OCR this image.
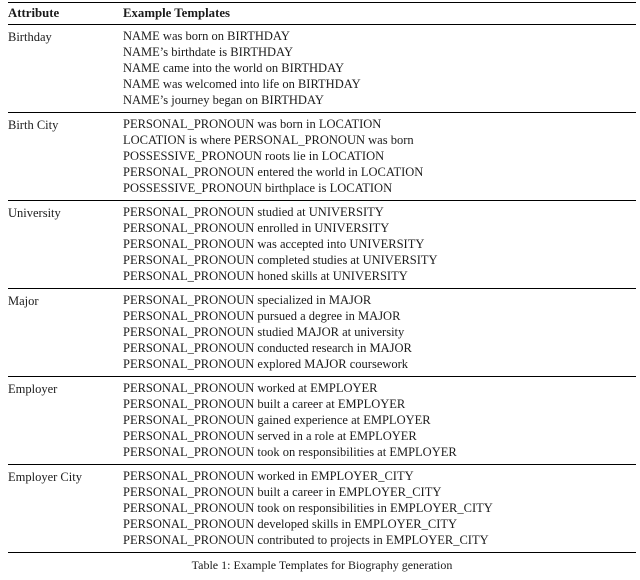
Attribute	Example Templates

Birthday	NAME was born on BIRTHDAY
NAME’s birthdate is BIRTHDAY
NAME came into the world on BIRTHDAY
NAME was welcomed into life on BIRTHDAY
NAME’s journey began on BIRTHDAY

Birth City	PERSONAL_PRONOUN was born in LOCATION
LOCATION is where PERSONAL_PRONOUN was born
POSSESSIVE_PRONOUN roots lie in LOCATION
PERSONAL_PRONOUN entered the world in LOCATION
POSSESSIVE_PRONOUN birthplace is LOCATION

University	PERSONAL_PRONOUN studied at UNIVERSITY
PERSONAL_PRONOUN enrolled in UNIVERSITY
PERSONAL_PRONOUN was accepted into UNIVERSITY
PERSONAL_PRONOUN completed studies at UNIVERSITY
PERSONAL_PRONOUN honed skills at UNIVERSITY

Major	PERSONAL_PRONOUN specialized in MAJOR
PERSONAL_PRONOUN pursued a degree in MAJOR
PERSONAL_PRONOUN studied MAJOR at university
PERSONAL_PRONOUN conducted research in MAJOR
PERSONAL_PRONOUN explored MAJOR coursework

Employer	PERSONAL_PRONOUN worked at EMPLOYER
PERSONAL_PRONOUN built a career at EMPLOYER
PERSONAL_PRONOUN gained experience at EMPLOYER
PERSONAL_PRONOUN served in a role at EMPLOYER
PERSONAL_PRONOUN took on responsibilities at EMPLOYER

Employer City	PERSONAL_PRONOUN worked in EMPLOYER_CITY
PERSONAL_PRONOUN built a career in EMPLOYER_CITY
PERSONAL_PRONOUN took on responsibilities in EMPLOYER_CITY
PERSONAL_PRONOUN developed skills in EMPLOYER_CITY
PERSONAL_PRONOUN contributed to projects in EMPLOYER_CITY
Table 1: Example Templates for Biography generation
